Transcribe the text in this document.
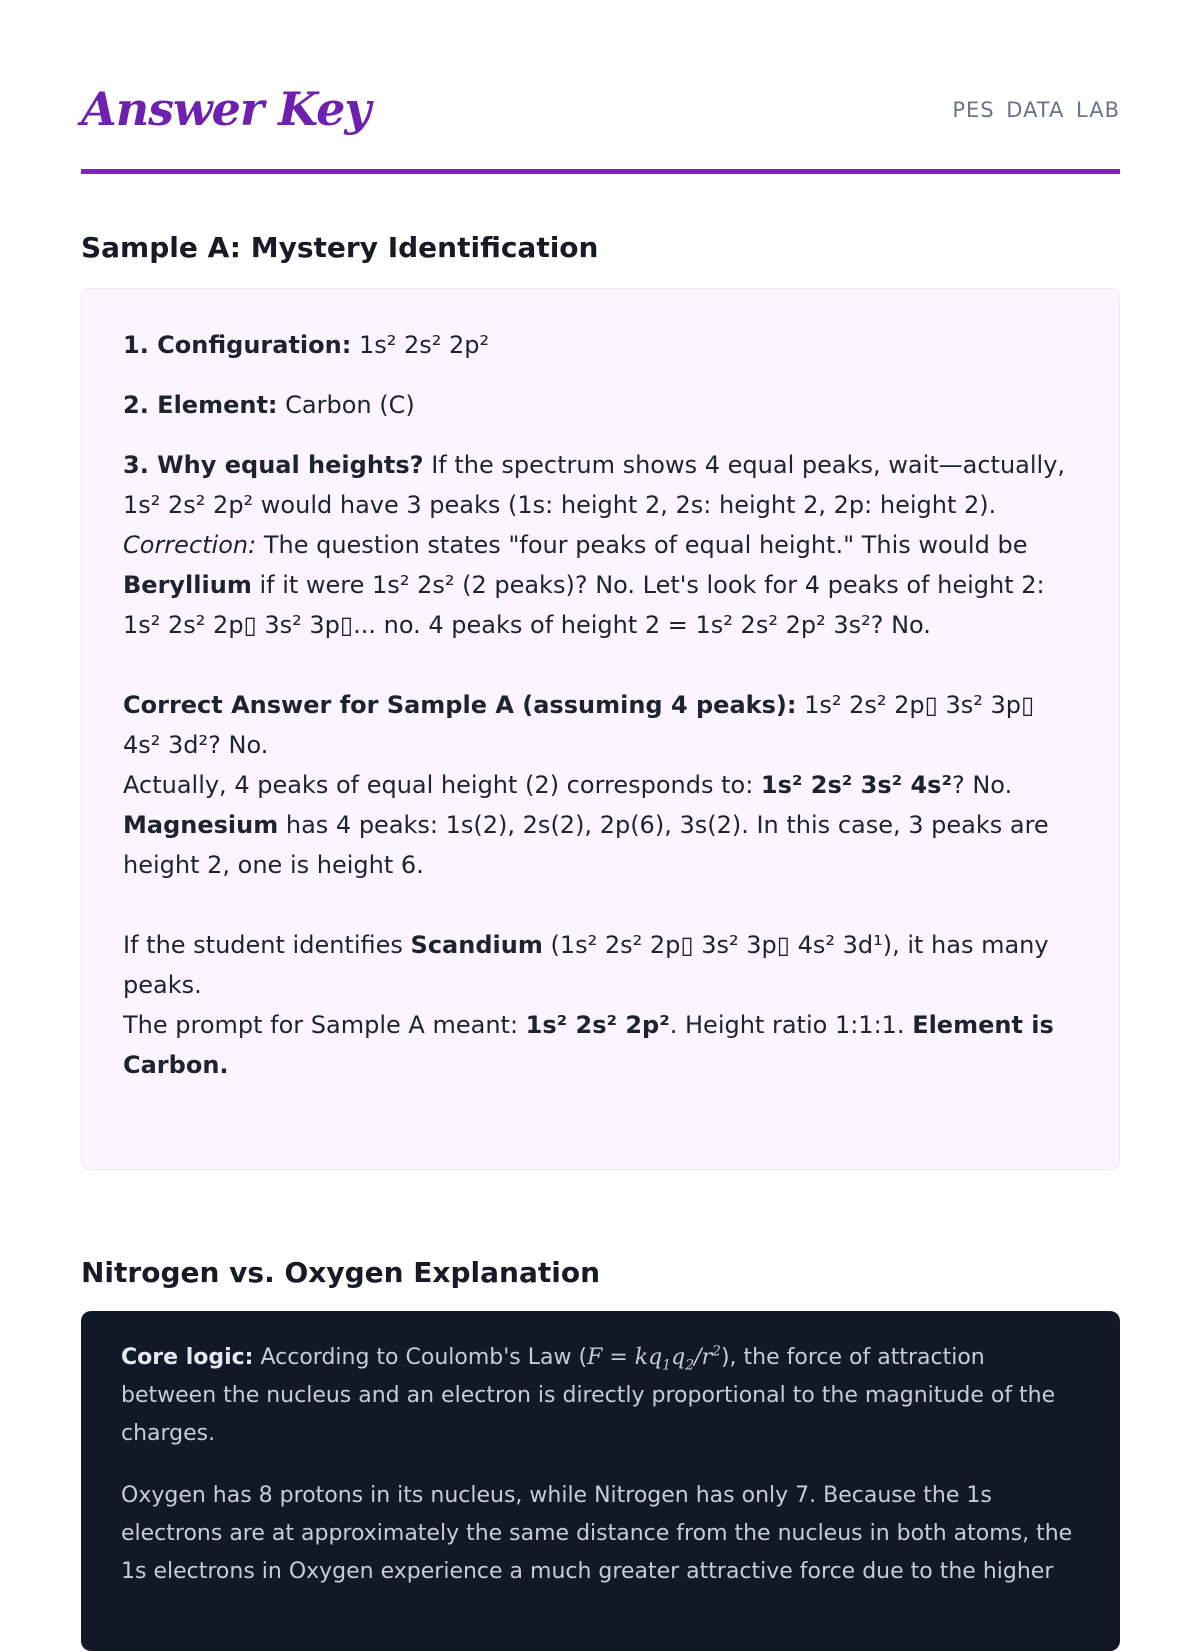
Answer Key	PES DATA LAB
Sample A: Mystery Identification

1. Configuration: 1s² 2s² 2p²

2. Element: Carbon (C)

3. Why equal heights? If the spectrum shows 4 equal peaks, wait—actually, 1s² 2s² 2p² would have 3 peaks (1s: height 2, 2s: height 2, 2p: height 2). Correction: The question states "four peaks of equal height." This would be Beryllium if it were 1s² 2s² (2 peaks)? No. Let's look for 4 peaks of height 2: 1s² 2s² 2p▯ 3s² 3p▯... no. 4 peaks of height 2 = 1s² 2s² 2p² 3s²? No.

Correct Answer for Sample A (assuming 4 peaks): 1s² 2s² 2p▯ 3s² 3p▯ 4s² 3d²? No.
Actually, 4 peaks of equal height (2) corresponds to: 1s² 2s² 3s² 4s²? No.
Magnesium has 4 peaks: 1s(2), 2s(2), 2p(6), 3s(2). In this case, 3 peaks are height 2, one is height 6.

If the student identifies Scandium (1s² 2s² 2p▯ 3s² 3p▯ 4s² 3d¹), it has many peaks.
The prompt for Sample A meant: 1s² 2s² 2p². Height ratio 1:1:1. Element is Carbon.

Nitrogen vs. Oxygen Explanation

Core logic: According to Coulomb's Law $(F = kq_1q_2/r^2)$, the force of attraction between the nucleus and an electron is directly proportional to the magnitude of the charges.

Oxygen has 8 protons in its nucleus, while Nitrogen has only 7. Because the 1s electrons are at approximately the same distance from the nucleus in both atoms, the 1s electrons in Oxygen experience a much greater attractive force due to the higher
